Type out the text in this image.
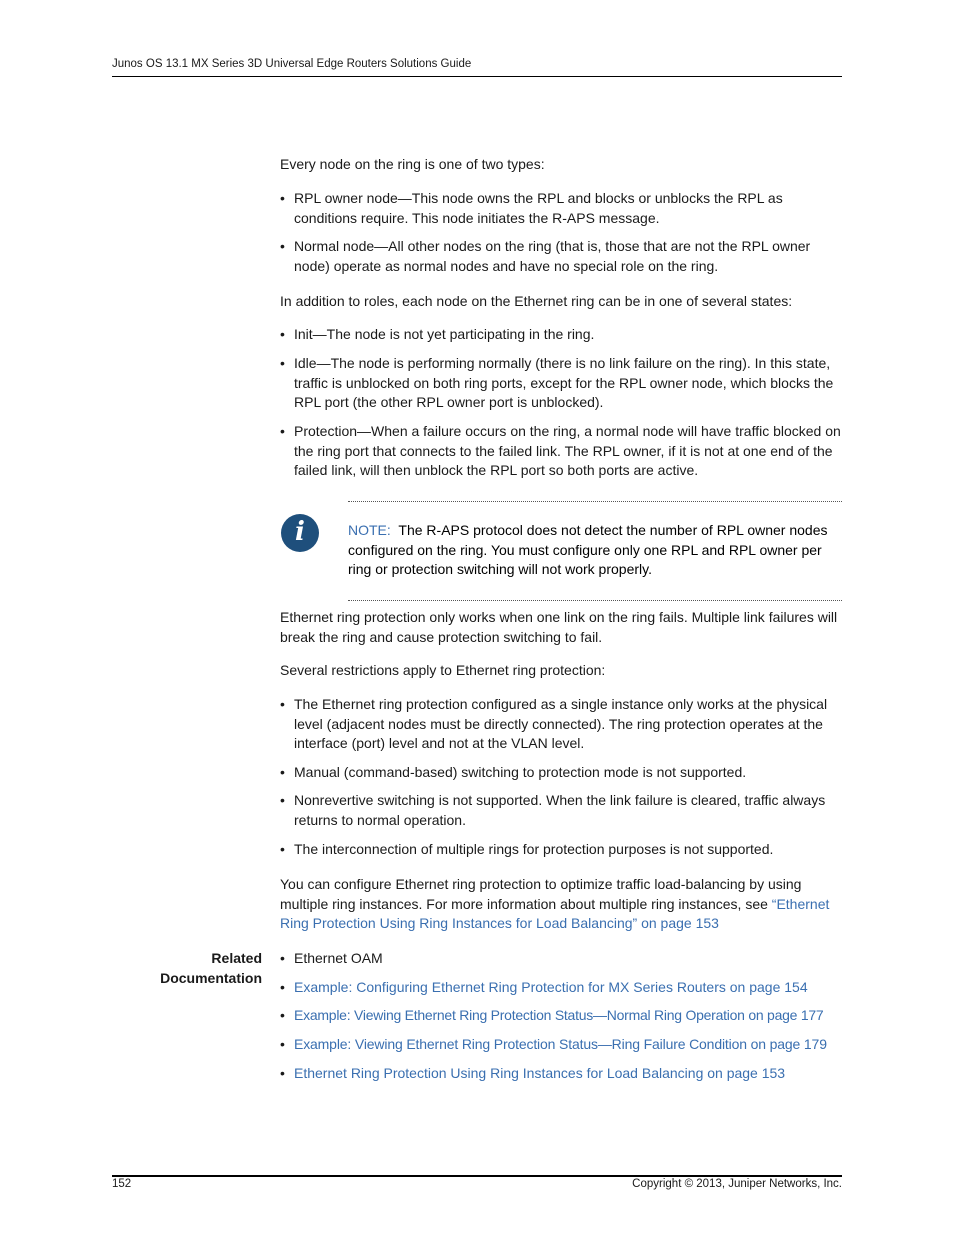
Junos OS 13.1 MX Series 3D Universal Edge Routers Solutions Guide

Every node on the ring is one of two types:

• RPL owner node—This node owns the RPL and blocks or unblocks the RPL as conditions require. This node initiates the R-APS message.
• Normal node—All other nodes on the ring (that is, those that are not the RPL owner node) operate as normal nodes and have no special role on the ring.

In addition to roles, each node on the Ethernet ring can be in one of several states:

• Init—The node is not yet participating in the ring.
• Idle—The node is performing normally (there is no link failure on the ring). In this state, traffic is unblocked on both ring ports, except for the RPL owner node, which blocks the RPL port (the other RPL owner port is unblocked).
• Protection—When a failure occurs on the ring, a normal node will have traffic blocked on the ring port that connects to the failed link. The RPL owner, if it is not at one end of the failed link, will then unblock the RPL port so both ports are active.
i	NOTE: The R-APS protocol does not detect the number of RPL owner nodes configured on the ring. You must configure only one RPL and RPL owner per ring or protection switching will not work properly.

Ethernet ring protection only works when one link on the ring fails. Multiple link failures will break the ring and cause protection switching to fail.

Several restrictions apply to Ethernet ring protection:

• The Ethernet ring protection configured as a single instance only works at the physical level (adjacent nodes must be directly connected). The ring protection operates at the interface (port) level and not at the VLAN level.
• Manual (command-based) switching to protection mode is not supported.
• Nonrevertive switching is not supported. When the link failure is cleared, traffic always returns to normal operation.
• The interconnection of multiple rings for protection purposes is not supported.

You can configure Ethernet ring protection to optimize traffic load-balancing by using multiple ring instances. For more information about multiple ring instances, see “Ethernet Ring Protection Using Ring Instances for Load Balancing” on page 153

Related
Documentation
• Ethernet OAM
• Example: Configuring Ethernet Ring Protection for MX Series Routers on page 154
• Example: Viewing Ethernet Ring Protection Status—Normal Ring Operation on page 177
• Example: Viewing Ethernet Ring Protection Status—Ring Failure Condition on page 179
• Ethernet Ring Protection Using Ring Instances for Load Balancing on page 153
152	Copyright © 2013, Juniper Networks, Inc.
